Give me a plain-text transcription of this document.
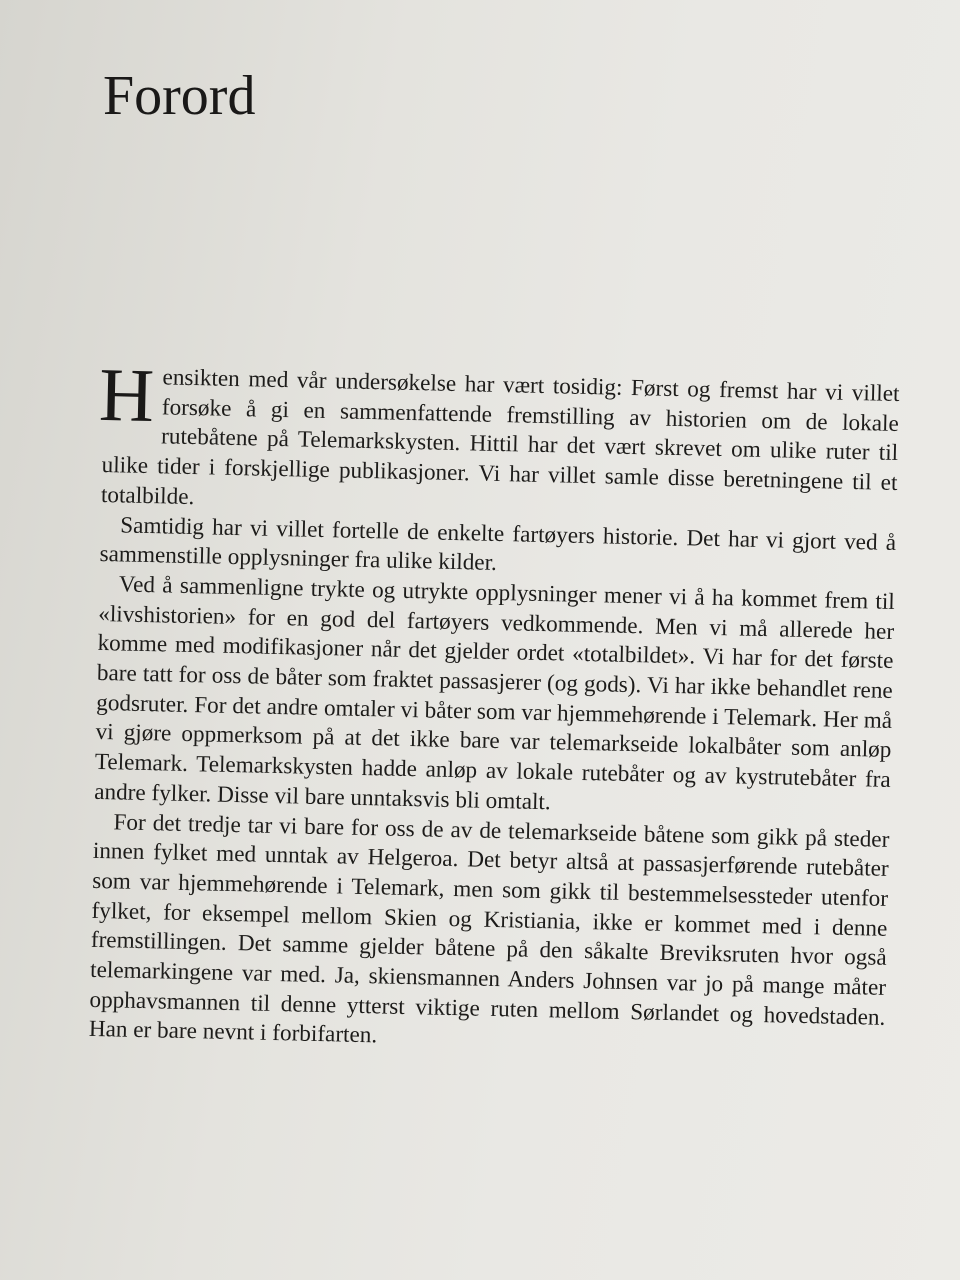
Forord

Hensikten med vår undersøkelse har vært tosidig: Først og fremst har vi villet forsøke å gi en sammenfattende fremstilling av historien om de lokale rutebåtene på Telemarkskysten. Hittil har det vært skrevet om ulike ruter til ulike tider i forskjellige publikasjoner. Vi har villet samle disse beretningene til et totalbilde.

Samtidig har vi villet fortelle de enkelte fartøyers historie. Det har vi gjort ved å sammenstille opplysninger fra ulike kilder.

Ved å sammenligne trykte og utrykte opplysninger mener vi å ha kommet frem til «livshistorien» for en god del fartøyers vedkommende. Men vi må allerede her komme med modifikasjoner når det gjelder ordet «totalbildet». Vi har for det første bare tatt for oss de båter som fraktet passasjerer (og gods). Vi har ikke behandlet rene godsruter. For det andre omtaler vi båter som var hjemmehørende i Telemark. Her må vi gjøre oppmerksom på at det ikke bare var telemarkseide lokalbåter som anløp Telemark. Telemarkskysten hadde anløp av lokale rutebåter og av kystrutebåter fra andre fylker. Disse vil bare unntaksvis bli omtalt.

For det tredje tar vi bare for oss de av de telemarkseide båtene som gikk på steder innen fylket med unntak av Helgeroa. Det betyr altså at passasjerførende rutebåter som var hjemmehørende i Telemark, men som gikk til bestemmelsessteder utenfor fylket, for eksempel mellom Skien og Kristiania, ikke er kommet med i denne fremstillingen. Det samme gjelder båtene på den såkalte Breviksruten hvor også telemarkingene var med. Ja, skiensmannen Anders Johnsen var jo på mange måter opphavsmannen til denne ytterst viktige ruten mellom Sørlandet og hovedstaden. Han er bare nevnt i forbifarten.
